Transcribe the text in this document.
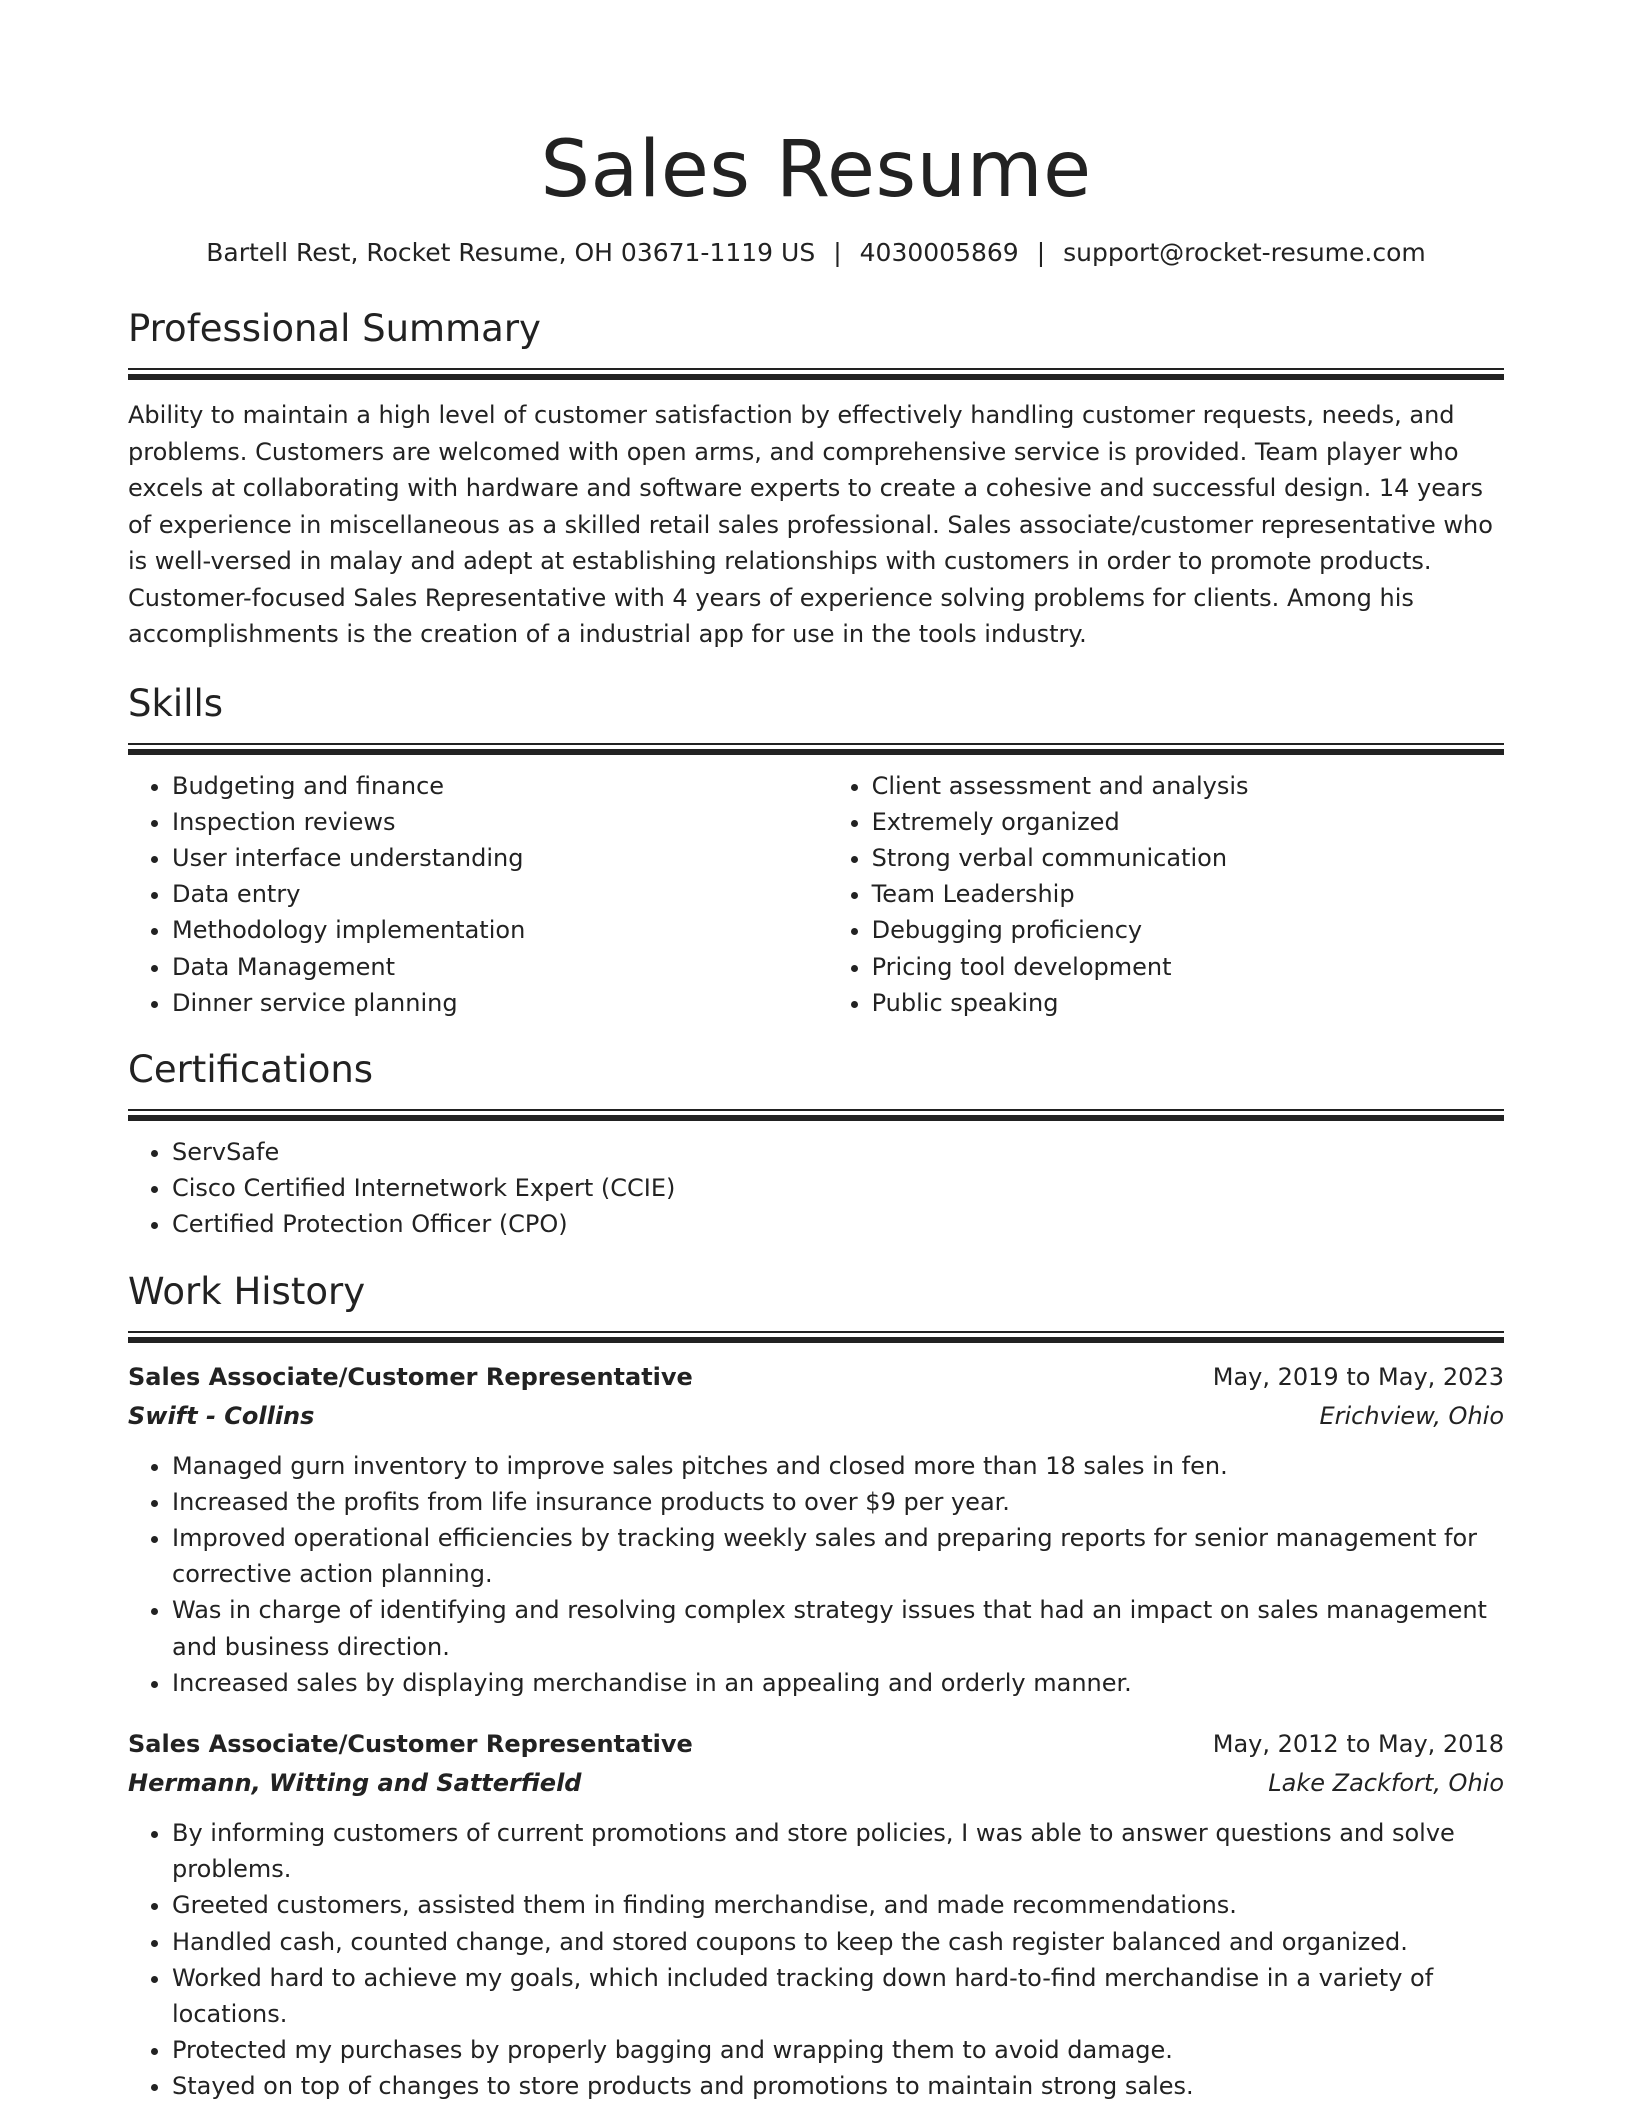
Sales Resume
Bartell Rest, Rocket Resume, OH 03671-1119 US | 4030005869 | support@rocket-resume.com
Professional Summary

Ability to maintain a high level of customer satisfaction by effectively handling customer requests, needs, and problems. Customers are welcomed with open arms, and comprehensive service is provided. Team player who excels at collaborating with hardware and software experts to create a cohesive and successful design. 14 years of experience in miscellaneous as a skilled retail sales professional. Sales associate/customer representative who is well-versed in malay and adept at establishing relationships with customers in order to promote products. Customer-focused Sales Representative with 4 years of experience solving problems for clients. Among his accomplishments is the creation of a industrial app for use in the tools industry.

Skills
• Budgeting and finance
• Inspection reviews
• User interface understanding
• Data entry
• Methodology implementation
• Data Management
• Dinner service planning
• Client assessment and analysis
• Extremely organized
• Strong verbal communication
• Team Leadership
• Debugging proficiency
• Pricing tool development
• Public speaking
Certifications
• ServSafe
• Cisco Certified Internetwork Expert (CCIE)
• Certified Protection Officer (CPO)
Work History
Sales Associate/Customer Representative	May, 2019 to May, 2023
Swift - Collins	Erichview, Ohio
• Managed gurn inventory to improve sales pitches and closed more than 18 sales in fen.
• Increased the profits from life insurance products to over $9 per year.
• Improved operational efficiencies by tracking weekly sales and preparing reports for senior management for corrective action planning.
• Was in charge of identifying and resolving complex strategy issues that had an impact on sales management and business direction.
• Increased sales by displaying merchandise in an appealing and orderly manner.
Sales Associate/Customer Representative	May, 2012 to May, 2018
Hermann, Witting and Satterfield	Lake Zackfort, Ohio
• By informing customers of current promotions and store policies, I was able to answer questions and solve problems.
• Greeted customers, assisted them in finding merchandise, and made recommendations.
• Handled cash, counted change, and stored coupons to keep the cash register balanced and organized.
• Worked hard to achieve my goals, which included tracking down hard-to-find merchandise in a variety of locations.
• Protected my purchases by properly bagging and wrapping them to avoid damage.
• Stayed on top of changes to store products and promotions to maintain strong sales.
